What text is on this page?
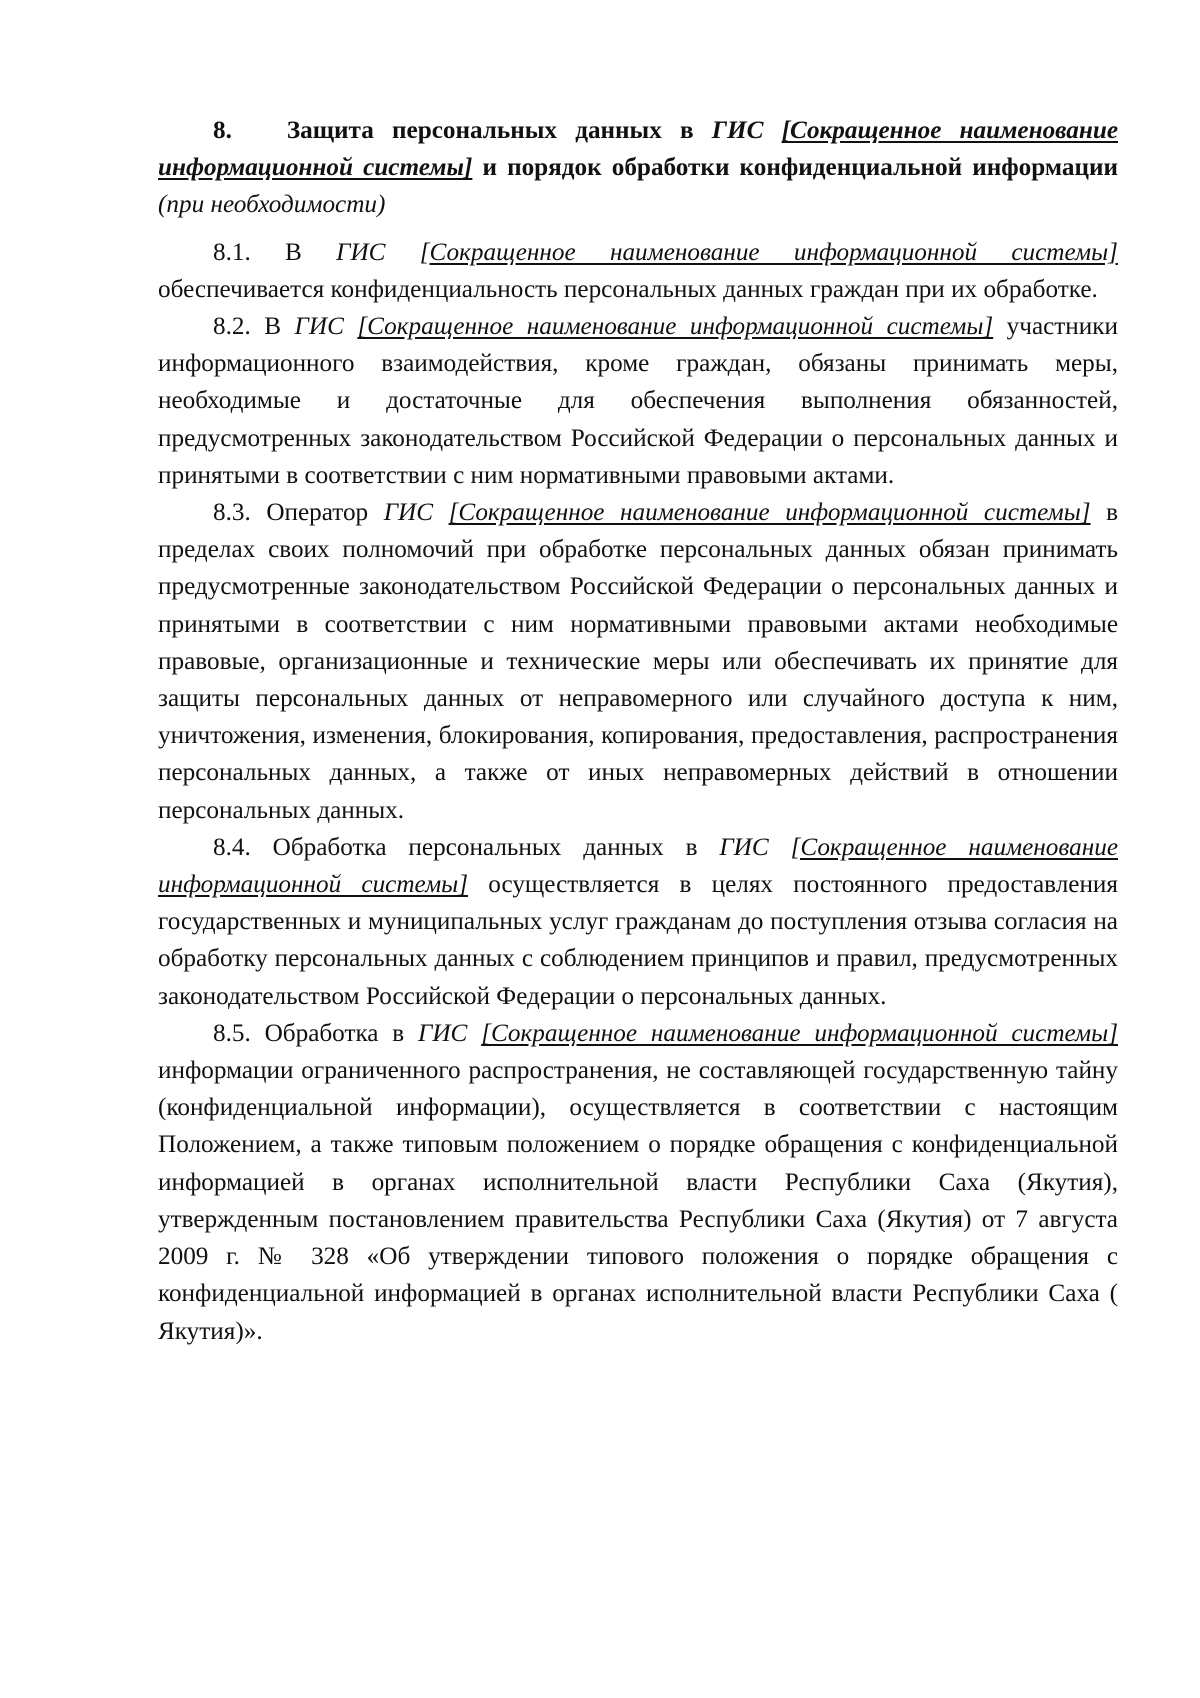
8. Защита персональных данных в ГИС [Сокращенное наименование информационной системы] и порядок обработки конфиденциальной информации (при необходимости)

8.1. В ГИС [Сокращенное наименование информационной системы] обеспечивается конфиденциальность персональных данных граждан при их обработке.

8.2. В ГИС [Сокращенное наименование информационной системы] участники информационного взаимодействия, кроме граждан, обязаны принимать меры, необходимые и достаточные для обеспечения выполнения обязанностей, предусмотренных законодательством Российской Федерации о персональных данных и принятыми в соответствии с ним нормативными правовыми актами.

8.3. Оператор ГИС [Сокращенное наименование информационной системы] в пределах своих полномочий при обработке персональных данных обязан принимать предусмотренные законодательством Российской Федерации о персональных данных и принятыми в соответствии с ним нормативными правовыми актами необходимые правовые, организационные и технические меры или обеспечивать их принятие для защиты персональных данных от неправомерного или случайного доступа к ним, уничтожения, изменения, блокирования, копирования, предоставления, распространения персональных данных, а также от иных неправомерных действий в отношении персональных данных.

8.4. Обработка персональных данных в ГИС [Сокращенное наименование информационной системы] осуществляется в целях постоянного предоставления государственных и муниципальных услуг гражданам до поступления отзыва согласия на обработку персональных данных с соблюдением принципов и правил, предусмотренных законодательством Российской Федерации о персональных данных.

8.5. Обработка в ГИС [Сокращенное наименование информационной системы] информации ограниченного распространения, не составляющей государственную тайну (конфиденциальной информации), осуществляется в соответствии с настоящим Положением, а также типовым положением о порядке обращения с конфиденциальной информацией в органах исполнительной власти Республики Саха (Якутия), утвержденным постановлением правительства Республики Саха (Якутия) от 7 августа 2009 г. № 328 «Об утверждении типового положения о порядке обращения с конфиденциальной информацией в органах исполнительной власти Республики Саха ( Якутия)».
